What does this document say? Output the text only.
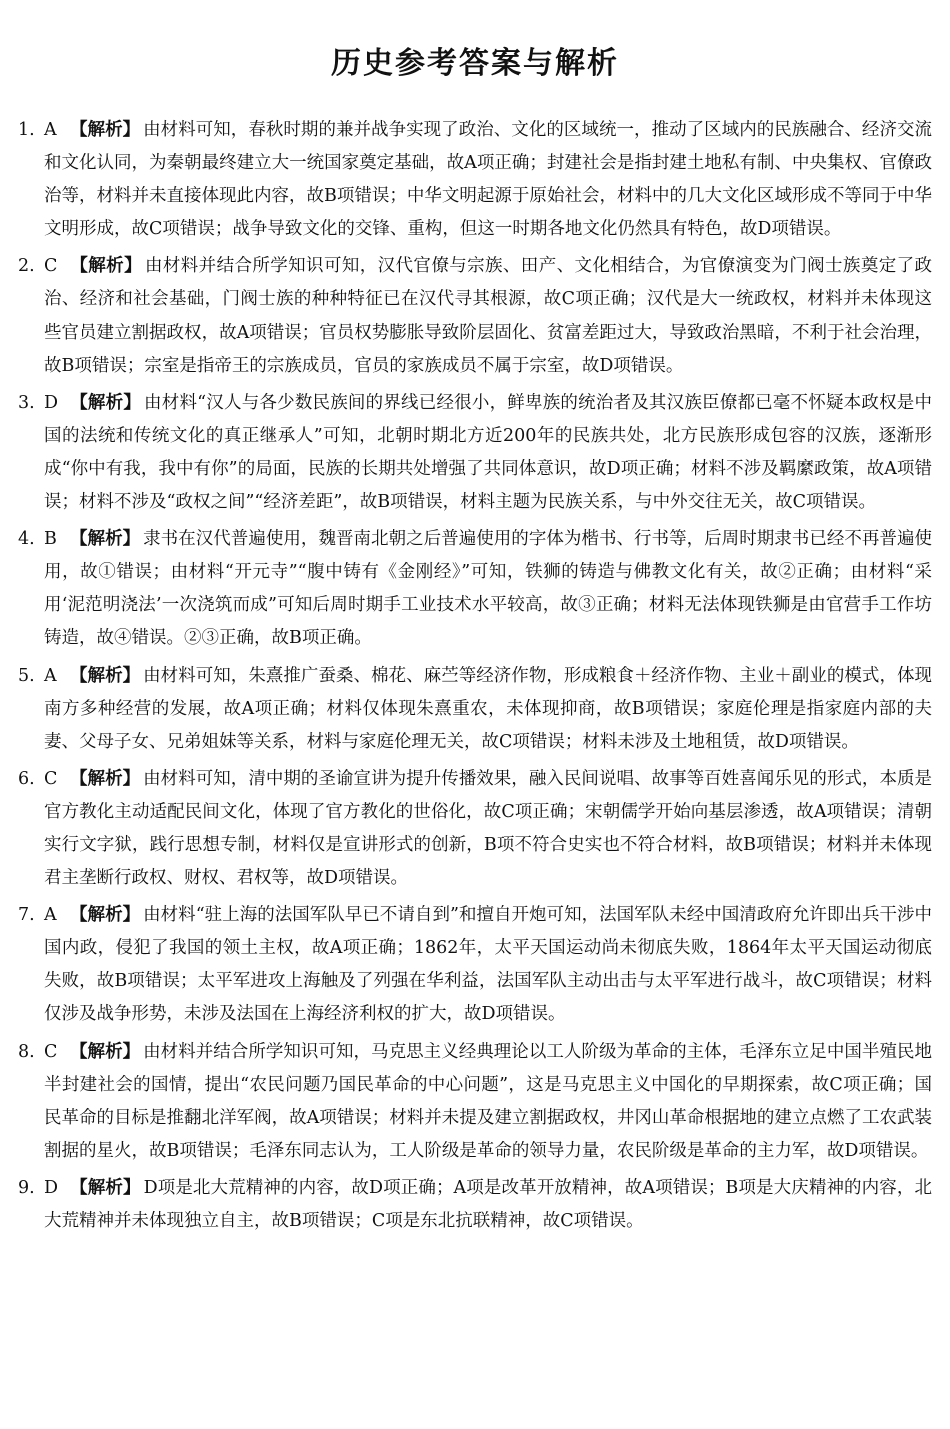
历史参考答案与解析
1. A 【解析】 由材料可知，春秋时期的兼并战争实现了政治、文化的区域统一，推动了区域内的民族融合、经济交流和文化认同，为秦朝最终建立大一统国家奠定基础，故A项正确；封建社会是指封建土地私有制、中央集权、官僚政治等，材料并未直接体现此内容，故B项错误；中华文明起源于原始社会，材料中的几大文化区域形成不等同于中华文明形成，故C项错误；战争导致文化的交锋、重构，但这一时期各地文化仍然具有特色，故D项错误。
2. C 【解析】 由材料并结合所学知识可知，汉代官僚与宗族、田产、文化相结合，为官僚演变为门阀士族奠定了政治、经济和社会基础，门阀士族的种种特征已在汉代寻其根源，故C项正确；汉代是大一统政权，材料并未体现这些官员建立割据政权，故A项错误；官员权势膨胀导致阶层固化、贫富差距过大，导致政治黑暗，不利于社会治理，故B项错误；宗室是指帝王的宗族成员，官员的家族成员不属于宗室，故D项错误。
3. D 【解析】 由材料“汉人与各少数民族间的界线已经很小，鲜卑族的统治者及其汉族臣僚都已毫不怀疑本政权是中国的法统和传统文化的真正继承人”可知，北朝时期北方近200年的民族共处，北方民族形成包容的汉族，逐渐形成“你中有我，我中有你”的局面，民族的长期共处增强了共同体意识，故D项正确；材料不涉及羁縻政策，故A项错误；材料不涉及“政权之间”“经济差距”，故B项错误，材料主题为民族关系，与中外交往无关，故C项错误。
4. B 【解析】 隶书在汉代普遍使用，魏晋南北朝之后普遍使用的字体为楷书、行书等，后周时期隶书已经不再普遍使用，故①错误；由材料“开元寺”“腹中铸有《金刚经》”可知，铁狮的铸造与佛教文化有关，故②正确；由材料“采用‘泥范明浇法’一次浇筑而成”可知后周时期手工业技术水平较高，故③正确；材料无法体现铁狮是由官营手工作坊铸造，故④错误。②③正确，故B项正确。
5. A 【解析】 由材料可知，朱熹推广蚕桑、棉花、麻苎等经济作物，形成粮食＋经济作物、主业＋副业的模式，体现南方多种经营的发展，故A项正确；材料仅体现朱熹重农，未体现抑商，故B项错误；家庭伦理是指家庭内部的夫妻、父母子女、兄弟姐妹等关系，材料与家庭伦理无关，故C项错误；材料未涉及土地租赁，故D项错误。
6. C 【解析】 由材料可知，清中期的圣谕宣讲为提升传播效果，融入民间说唱、故事等百姓喜闻乐见的形式，本质是官方教化主动适配民间文化，体现了官方教化的世俗化，故C项正确；宋朝儒学开始向基层渗透，故A项错误；清朝实行文字狱，践行思想专制，材料仅是宣讲形式的创新，B项不符合史实也不符合材料，故B项错误；材料并未体现君主垄断行政权、财权、君权等，故D项错误。
7. A 【解析】 由材料“驻上海的法国军队早已不请自到”和擅自开炮可知，法国军队未经中国清政府允许即出兵干涉中国内政，侵犯了我国的领土主权，故A项正确；1862年，太平天国运动尚未彻底失败，1864年太平天国运动彻底失败，故B项错误；太平军进攻上海触及了列强在华利益，法国军队主动出击与太平军进行战斗，故C项错误；材料仅涉及战争形势，未涉及法国在上海经济利权的扩大，故D项错误。
8. C 【解析】 由材料并结合所学知识可知，马克思主义经典理论以工人阶级为革命的主体，毛泽东立足中国半殖民地半封建社会的国情，提出“农民问题乃国民革命的中心问题”，这是马克思主义中国化的早期探索，故C项正确；国民革命的目标是推翻北洋军阀，故A项错误；材料并未提及建立割据政权，井冈山革命根据地的建立点燃了工农武装割据的星火，故B项错误；毛泽东同志认为，工人阶级是革命的领导力量，农民阶级是革命的主力军，故D项错误。
9. D 【解析】 D项是北大荒精神的内容，故D项正确；A项是改革开放精神，故A项错误；B项是大庆精神的内容，北大荒精神并未体现独立自主，故B项错误；C项是东北抗联精神，故C项错误。
